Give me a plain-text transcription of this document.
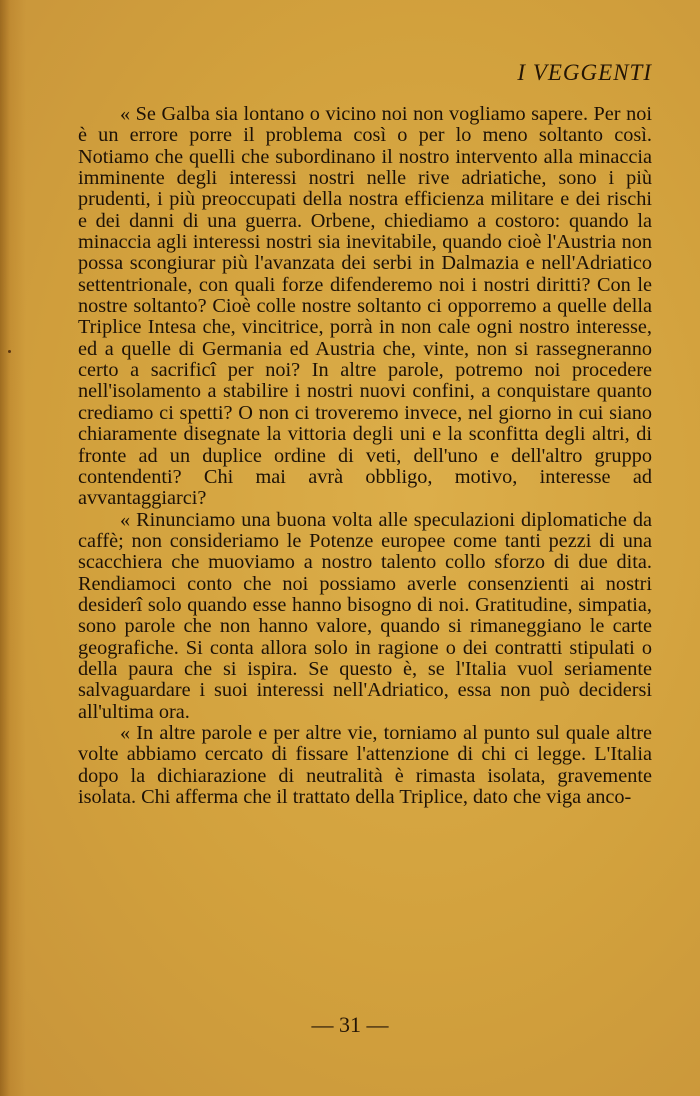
I VEGGENTI

« Se Galba sia lontano o vicino noi non vogliamo sapere. Per noi è un errore porre il problema così o per lo meno soltanto così. Notiamo che quelli che subordinano il nostro intervento alla minaccia imminente degli interessi nostri nelle rive adriatiche, sono i più prudenti, i più preoccupati della nostra efficienza militare e dei rischi e dei danni di una guerra. Orbene, chiediamo a costoro: quando la minaccia agli interessi nostri sia inevitabile, quando cioè l'Austria non possa scongiurar più l'avanzata dei serbi in Dalmazia e nell'Adriatico settentrionale, con quali forze difenderemo noi i nostri diritti? Con le nostre soltanto? Cioè colle nostre soltanto ci opporremo a quelle della Triplice Intesa che, vincitrice, porrà in non cale ogni nostro interesse, ed a quelle di Germania ed Austria che, vinte, non si rassegneranno certo a sacrificî per noi? In altre parole, potremo noi procedere nell'isolamento a stabilire i nostri nuovi confini, a conquistare quanto crediamo ci spetti? O non ci troveremo invece, nel giorno in cui siano chiaramente disegnate la vittoria degli uni e la sconfitta degli altri, di fronte ad un duplice ordine di veti, dell'uno e dell'altro gruppo contendenti? Chi mai avrà obbligo, motivo, interesse ad avvantaggiarci?

« Rinunciamo una buona volta alle speculazioni diplomatiche da caffè; non consideriamo le Potenze europee come tanti pezzi di una scacchiera che muoviamo a nostro talento collo sforzo di due dita. Rendiamoci conto che noi possiamo averle consenzienti ai nostri desiderî solo quando esse hanno bisogno di noi. Gratitudine, simpatia, sono parole che non hanno valore, quando si rimaneggiano le carte geografiche. Si conta allora solo in ragione o dei contratti stipulati o della paura che si ispira. Se questo è, se l'Italia vuol seriamente salvaguardare i suoi interessi nell'Adriatico, essa non può decidersi all'ultima ora.

« In altre parole e per altre vie, torniamo al punto sul quale altre volte abbiamo cercato di fissare l'attenzione di chi ci legge. L'Italia dopo la dichiarazione di neutralità è rimasta isolata, gravemente isolata. Chi afferma che il trattato della Triplice, dato che viga anco-

— 31 —
